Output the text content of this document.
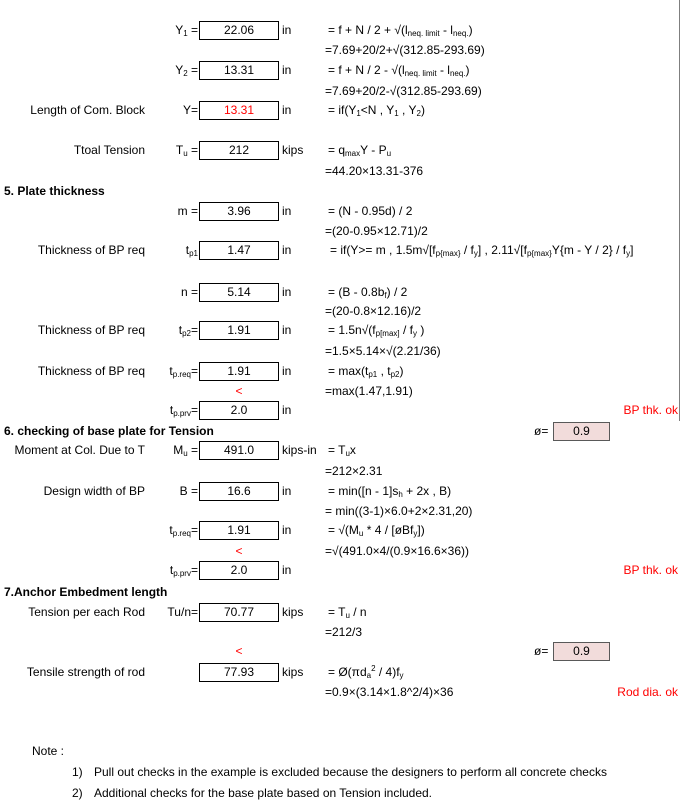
$Y_1$ =	22.06	in	= $f + N / 2 + √(l_{neq. limit} - l_{neq.})$
=7.69+20/2+√(312.85-293.69)
$Y_2$ =	13.31	in	= $f + N / 2 - √(l_{neq. limit} - l_{neq.})$
=7.69+20/2-√(312.85-293.69)
Length of Com. Block	Y=	13.31	in	= $if(Y_1<N$ , $Y_1$ , $Y_2$)
Ttoal Tension	$T_u$ =	212	kips = $q_{max}Y - P_u$
=44.20×13.31-376
5. Plate thickness
m =	3.96	in	= (N - 0.95d) / 2
=(20-0.95×12.71)/2
Thickness of BP req	$t_{p1}$	1.47	in	= if(Y>= m , $1.5m√[f_{p\{max\}} / f_y]$ , $2.11√[f_{p\{max\}}Y\{m$ - Y / $2\} / f_y$]
n =	5.14	in	= $(B - 0.8b_f) / 2$
=(20-0.8×12.16)/2
Thickness of BP req	$t_{p2}=$	1.91	in	= $1.5n√(f_{p[max]} / f_y$ )
=1.5×5.14×√(2.21/36)
Thickness of BP req	$t_{p.req}=$	1.91	in	= $\max(t_{p1}$ , $t_{p2}$)
<	=max(1.47,1.91)
$t_{p.prv}=$	2.0	in	BP thk. ok
6. checking of base plate for Tension	ø=	0.9
Moment at Col. Due to T	$M_u$ =	491.0	kips-in = $T_ux$
=212×2.31
Design width of BP	B =	16.6	in	= $\min([n - 1]s_h + 2x$ , B)
= min((3-1)×6.0+2×2.31,20)
$t_{p.req}=$	1.91	in	= $√(M_u * 4$ / [øBf$_y$])
<	=√(491.0×4/(0.9×16.6×36))
$t_{p.prv}=$	2.0	in	BP thk. ok
7.Anchor Embedment length
Tension per each Rod	Tu/n=	70.77	kips = $T_u$ / n
=212/3
<	ø=	0.9
Tensile strength of rod	77.93	kips = $Ø(\pi d_a^2 / 4)f_y$
=0.9×(3.14×1.8^2/4)×36	Rod dia. ok
Note :
1) Pull out checks in the example is excluded because the designers to perform all concrete checks
2) Additional checks for the base plate based on Tension included.
